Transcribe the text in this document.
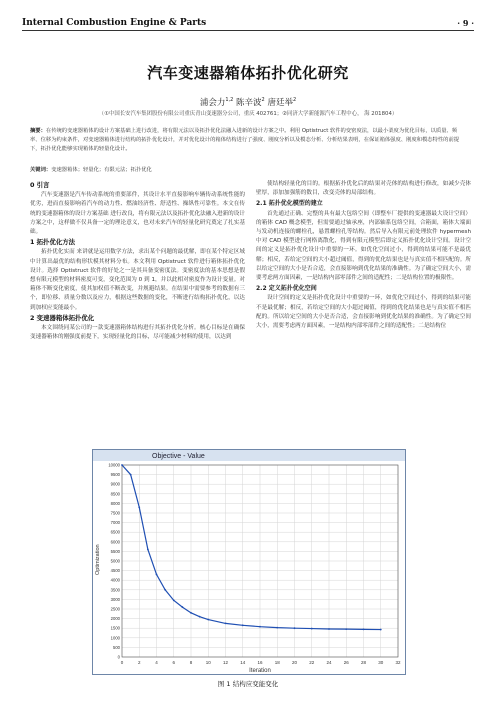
Internal Combustion Engine & Parts	· 9 ·
汽车变速器箱体拓扑优化研究
浦会力$^{1,2}$ 陈辛波$^2$ 唐廷举$^2$
（①中国长安汽车集团股份有限公司重庆青山变速器分公司，重庆 402761；②同济大学新能源汽车工程中心， 海 201804）
摘要：在传统的变速器箱体的设计方案基础上进行改进，将有限元法以及拓扑优化法融入进新的设计方案之中。利用 Optistruct 软件的变密度法，以最小柔度为优化目标，以质量、频率、位移为约束条件，对变速器箱体进行结构的拓扑优化设计，并对优化设计的箱体结构进行了强度、刚度分析以及模态分析、分析结果表明，在保证箱体强度、刚度和模态特性的前提下，拓扑优化能够实现箱体的轻量化设计。
关键词：变速器箱体；轻量化；有限元法；拓扑优化
0 引言

汽车变速器是汽车传动系统的重要部件，其设计水平直接影响车辆传动系统性能的优劣，进而直接影响着汽车的动力性、燃油经济性、舒适性、操纵性可靠性。本文在传统的变速器箱体的设计方案基础 进行改良，将有限元法以及拓扑优化法融入进新的设计方案之中，这样做不仅具备一定的理论意义，也对未来汽车的轻量化研究奠定了扎实基础。

1 拓扑优化方法

拓扑优化实而 来讲就是运用数学方法，求出某个问题的最优解，即在某个特定区域中计算出最优的结构形状模其材料分布。本文利用 Optistruct 软件进行箱体拓扑优化设计。选择 Optistruct 软件的好处之一是其具备变密度法。变密度法的基本思想是假想有限元模型的材料密度可变，变化范围为 0 到 1，并以此相对密度作为设计变量。对箱体不断变化密度，使其加权值不断改变，并规避结果。在结果中需要参考的数据有三个，即位移、质量分数以及应力，根据这些数据的变化，不断进行结构拓扑优化，以达到加权应变能最小。

2 变速器箱体拓扑优化

本文围绕同某公司的一款变速器箱体结构进行其拓扑优化分析。核心目标是在确保变速器箱体的刚强度前提下，实现轻量化的目标，尽可能减少材料的使用，以达到

使结构轻量化的目的。根据拓扑优化后的结果对壳体的结构进行修改，如减少壳体壁厚，添加加强筋的数目，改变壳体的局部结构。

2.1 拓扑优化模型的建立

首先通过正确、完整的具有最大包络空间（即整车厂提供的变速器最大设计空间）的箱体 CAD 概念模型，但需要通过轴承座，内部轴系包络空间，合箱面，箱体大端面与发动机连接的螺栓孔，悬置螺栓孔等结构。然后导入有限元前处理软件 hypermesh 中对 CAD 模型进行网格离散化，得到有限元模型后即定义拓扑优化设计空间。设计空间的定义是拓扑优化设计中重要的一环。如优化空间过小，得到的结果可能不是最优解；相反，若给定空间的大小超过阈值，得到的优化结果也是与真实值不相匹配的。所以给定空间的大小是否合适，会直接影响到优化结果的准确性。为了确定空间大小，需要考虑两方面因素，一是结构内部零部件之间的适配性；二是结构位置的极限性。

2.2 定义拓扑优化空间

设计空间的定义是拓扑优化设计中重要的一环，如优化空间过小，得到的结果可能不是最优解；相反，若给定空间的大小超过阈值，得到的优化结果也是与真实值不相匹配的。所以给定空间的大小是否合适，会直接影响到优化结果的准确性。为了确定空间大小，需要考虑两方面因素，一是结构内部零部件之间的适配性；二是结构位

Objective - Value
0	2	4	6	8	10	12	14	16	18	20	22	24	26	28	30	32
0
500
1000
1500
2000
2500
3000
3500
4000
4500
5000
5500
6000
6500
7000
7500
8000
8500
9000
9500
10000
Optimization
Iteration
图 1 结构应变能变化
